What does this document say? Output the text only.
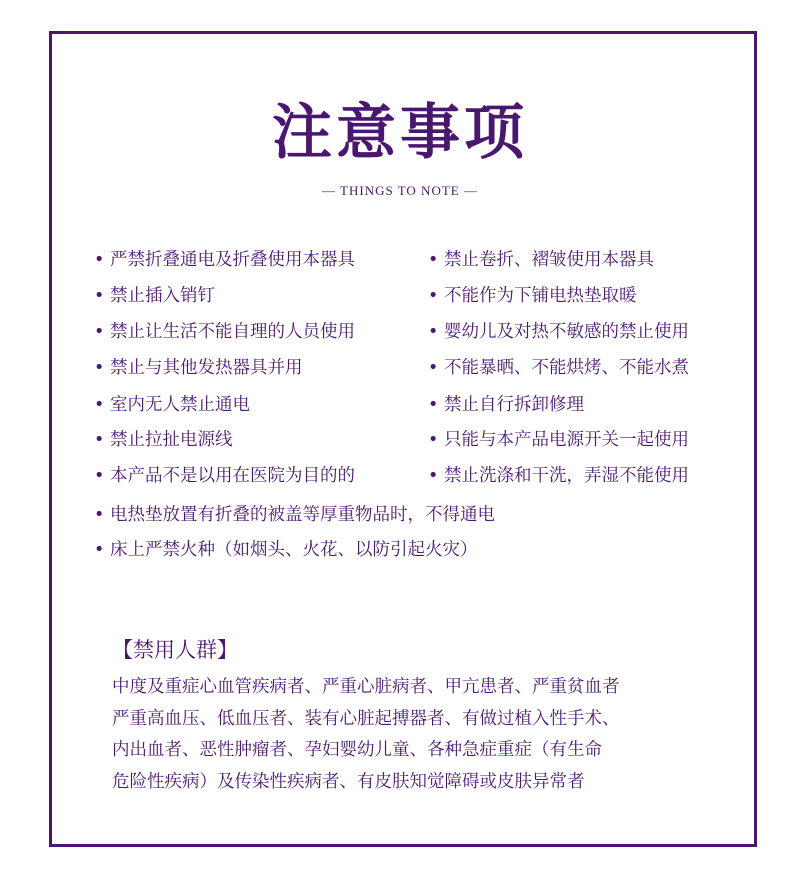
注意事项
— THINGS TO NOTE —
• 严禁折叠通电及折叠使用本器具	• 禁止卷折、褶皱使用本器具
• 禁止插入销钉	• 不能作为下铺电热垫取暖
• 禁止让生活不能自理的人员使用	• 婴幼儿及对热不敏感的禁止使用
• 禁止与其他发热器具并用	• 不能暴晒、不能烘烤、不能水煮
• 室内无人禁止通电	• 禁止自行拆卸修理
• 禁止拉扯电源线	• 只能与本产品电源开关一起使用
• 本产品不是以用在医院为目的的	• 禁止洗涤和干洗，弄湿不能使用
• 电热垫放置有折叠的被盖等厚重物品时，不得通电
• 床上严禁火种（如烟头、火花、以防引起火灾）
【禁用人群】
中度及重症心血管疾病者、严重心脏病者、甲亢患者、严重贫血者
严重高血压、低血压者、装有心脏起搏器者、有做过植入性手术、
内出血者、恶性肿瘤者、孕妇婴幼儿童、各种急症重症（有生命
危险性疾病）及传染性疾病者、有皮肤知觉障碍或皮肤异常者
